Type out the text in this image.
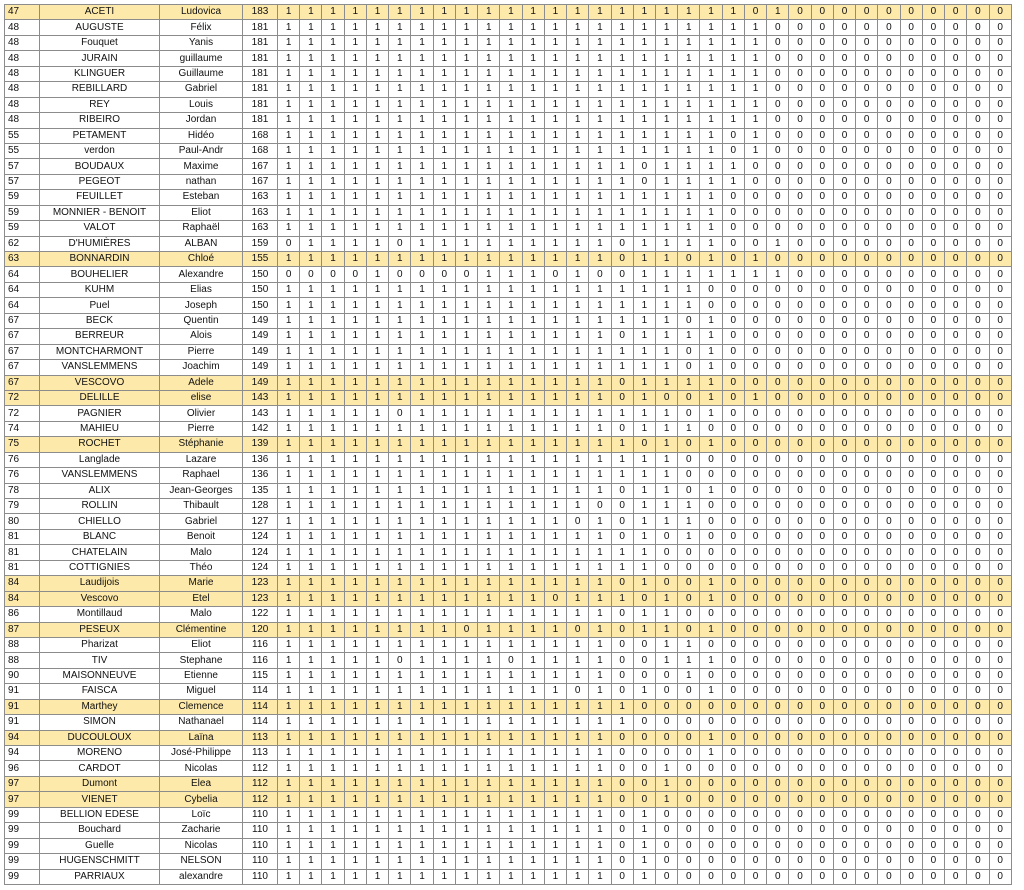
47	ACETI	Ludovica	183	1	1	1	1	1	1	1	1	1	1	1	1	1	1	1	1	1	1	1	1	1	0	1	0	0	0	0	0	0	0	0	0	0
48	AUGUSTE	Félix	181	1	1	1	1	1	1	1	1	1	1	1	1	1	1	1	1	1	1	1	1	1	1	0	0	0	0	0	0	0	0	0	0	0
48	Fouquet	Yanis	181	1	1	1	1	1	1	1	1	1	1	1	1	1	1	1	1	1	1	1	1	1	1	0	0	0	0	0	0	0	0	0	0	0
48	JURAIN	guillaume	181	1	1	1	1	1	1	1	1	1	1	1	1	1	1	1	1	1	1	1	1	1	1	0	0	0	0	0	0	0	0	0	0	0
48	KLINGUER	Guillaume	181	1	1	1	1	1	1	1	1	1	1	1	1	1	1	1	1	1	1	1	1	1	1	0	0	0	0	0	0	0	0	0	0	0
48	REBILLARD	Gabriel	181	1	1	1	1	1	1	1	1	1	1	1	1	1	1	1	1	1	1	1	1	1	1	0	0	0	0	0	0	0	0	0	0	0
48	REY	Louis	181	1	1	1	1	1	1	1	1	1	1	1	1	1	1	1	1	1	1	1	1	1	1	0	0	0	0	0	0	0	0	0	0	0
48	RIBEIRO	Jordan	181	1	1	1	1	1	1	1	1	1	1	1	1	1	1	1	1	1	1	1	1	1	1	0	0	0	0	0	0	0	0	0	0	0
55	PETAMENT	Hidéo	168	1	1	1	1	1	1	1	1	1	1	1	1	1	1	1	1	1	1	1	1	0	1	0	0	0	0	0	0	0	0	0	0	0
55	verdon	Paul-Andr	168	1	1	1	1	1	1	1	1	1	1	1	1	1	1	1	1	1	1	1	1	0	1	0	0	0	0	0	0	0	0	0	0	0
57	BOUDAUX	Maxime	167	1	1	1	1	1	1	1	1	1	1	1	1	1	1	1	1	0	1	1	1	1	0	0	0	0	0	0	0	0	0	0	0	0
57	PEGEOT	nathan	167	1	1	1	1	1	1	1	1	1	1	1	1	1	1	1	1	0	1	1	1	1	0	0	0	0	0	0	0	0	0	0	0	0
59	FEUILLET	Esteban	163	1	1	1	1	1	1	1	1	1	1	1	1	1	1	1	1	1	1	1	1	0	0	0	0	0	0	0	0	0	0	0	0	0
59	MONNIER - BENOIT	Eliot	163	1	1	1	1	1	1	1	1	1	1	1	1	1	1	1	1	1	1	1	1	0	0	0	0	0	0	0	0	0	0	0	0	0
59	VALOT	Raphaël	163	1	1	1	1	1	1	1	1	1	1	1	1	1	1	1	1	1	1	1	1	0	0	0	0	0	0	0	0	0	0	0	0	0
62	D'HUMIÈRES	ALBAN	159	0	1	1	1	1	0	1	1	1	1	1	1	1	1	1	0	1	1	1	1	0	0	1	0	0	0	0	0	0	0	0	0	0
63	BONNARDIN	Chloé	155	1	1	1	1	1	1	1	1	1	1	1	1	1	1	1	0	1	1	0	1	0	1	0	0	0	0	0	0	0	0	0	0	0
64	BOUHELIER	Alexandre	150	0	0	0	0	1	0	0	0	0	1	1	1	0	1	0	0	1	1	1	1	1	1	1	0	0	0	0	0	0	0	0	0	0
64	KUHM	Elias	150	1	1	1	1	1	1	1	1	1	1	1	1	1	1	1	1	1	1	1	0	0	0	0	0	0	0	0	0	0	0	0	0	0
64	Puel	Joseph	150	1	1	1	1	1	1	1	1	1	1	1	1	1	1	1	1	1	1	1	0	0	0	0	0	0	0	0	0	0	0	0	0	0
67	BECK	Quentin	149	1	1	1	1	1	1	1	1	1	1	1	1	1	1	1	1	1	1	0	1	0	0	0	0	0	0	0	0	0	0	0	0	0
67	BERREUR	Alois	149	1	1	1	1	1	1	1	1	1	1	1	1	1	1	1	0	1	1	1	1	0	0	0	0	0	0	0	0	0	0	0	0	0
67	MONTCHARMONT	Pierre	149	1	1	1	1	1	1	1	1	1	1	1	1	1	1	1	1	1	1	0	1	0	0	0	0	0	0	0	0	0	0	0	0	0
67	VANSLEMMENS	Joachim	149	1	1	1	1	1	1	1	1	1	1	1	1	1	1	1	1	1	1	0	1	0	0	0	0	0	0	0	0	0	0	0	0	0
67	VESCOVO	Adele	149	1	1	1	1	1	1	1	1	1	1	1	1	1	1	1	0	1	1	1	1	0	0	0	0	0	0	0	0	0	0	0	0	0
72	DELILLE	elise	143	1	1	1	1	1	1	1	1	1	1	1	1	1	1	1	0	1	0	0	1	0	1	0	0	0	0	0	0	0	0	0	0	0
72	PAGNIER	Olivier	143	1	1	1	1	1	0	1	1	1	1	1	1	1	1	1	1	1	1	0	1	0	0	0	0	0	0	0	0	0	0	0	0	0
74	MAHIEU	Pierre	142	1	1	1	1	1	1	1	1	1	1	1	1	1	1	1	0	1	1	1	0	0	0	0	0	0	0	0	0	0	0	0	0	0
75	ROCHET	Stéphanie	139	1	1	1	1	1	1	1	1	1	1	1	1	1	1	1	1	0	1	0	1	0	0	0	0	0	0	0	0	0	0	0	0	0
76	Langlade	Lazare	136	1	1	1	1	1	1	1	1	1	1	1	1	1	1	1	1	1	1	0	0	0	0	0	0	0	0	0	0	0	0	0	0	0
76	VANSLEMMENS	Raphael	136	1	1	1	1	1	1	1	1	1	1	1	1	1	1	1	1	1	1	0	0	0	0	0	0	0	0	0	0	0	0	0	0	0
78	ALIX	Jean-Georges	135	1	1	1	1	1	1	1	1	1	1	1	1	1	1	1	0	1	1	0	1	0	0	0	0	0	0	0	0	0	0	0	0	0
79	ROLLIN	Thibault	128	1	1	1	1	1	1	1	1	1	1	1	1	1	1	0	0	1	1	1	0	0	0	0	0	0	0	0	0	0	0	0	0	0
80	CHIELLO	Gabriel	127	1	1	1	1	1	1	1	1	1	1	1	1	1	0	1	0	1	1	1	0	0	0	0	0	0	0	0	0	0	0	0	0	0
81	BLANC	Benoit	124	1	1	1	1	1	1	1	1	1	1	1	1	1	1	1	0	1	0	1	0	0	0	0	0	0	0	0	0	0	0	0	0	0
81	CHATELAIN	Malo	124	1	1	1	1	1	1	1	1	1	1	1	1	1	1	1	1	1	0	0	0	0	0	0	0	0	0	0	0	0	0	0	0	0
81	COTTIGNIES	Théo	124	1	1	1	1	1	1	1	1	1	1	1	1	1	1	1	1	1	0	0	0	0	0	0	0	0	0	0	0	0	0	0	0	0
84	Laudijois	Marie	123	1	1	1	1	1	1	1	1	1	1	1	1	1	1	1	0	1	0	0	1	0	0	0	0	0	0	0	0	0	0	0	0	0
84	Vescovo	Etel	123	1	1	1	1	1	1	1	1	1	1	1	1	0	1	1	1	0	1	0	1	0	0	0	0	0	0	0	0	0	0	0	0	0
86	Montillaud	Malo	122	1	1	1	1	1	1	1	1	1	1	1	1	1	1	1	0	1	1	0	0	0	0	0	0	0	0	0	0	0	0	0	0	0
87	PESEUX	Clémentine	120	1	1	1	1	1	1	1	1	0	1	1	1	1	0	1	0	1	1	0	1	0	0	0	0	0	0	0	0	0	0	0	0	0
88	Pharizat	Eliot	116	1	1	1	1	1	1	1	1	1	1	1	1	1	1	1	0	0	1	1	0	0	0	0	0	0	0	0	0	0	0	0	0	0
88	TIV	Stephane	116	1	1	1	1	1	0	1	1	1	1	0	1	1	1	1	0	0	1	1	1	0	0	0	0	0	0	0	0	0	0	0	0	0
90	MAISONNEUVE	Etienne	115	1	1	1	1	1	1	1	1	1	1	1	1	1	1	1	0	0	0	1	0	0	0	0	0	0	0	0	0	0	0	0	0	0
91	FAISCA	Miguel	114	1	1	1	1	1	1	1	1	1	1	1	1	1	0	1	0	1	0	0	1	0	0	0	0	0	0	0	0	0	0	0	0	0
91	Marthey	Clemence	114	1	1	1	1	1	1	1	1	1	1	1	1	1	1	1	1	0	0	0	0	0	0	0	0	0	0	0	0	0	0	0	0	0
91	SIMON	Nathanael	114	1	1	1	1	1	1	1	1	1	1	1	1	1	1	1	1	0	0	0	0	0	0	0	0	0	0	0	0	0	0	0	0	0
94	DUCOULOUX	Laïna	113	1	1	1	1	1	1	1	1	1	1	1	1	1	1	1	0	0	0	0	1	0	0	0	0	0	0	0	0	0	0	0	0	0
94	MORENO	José-Philippe	113	1	1	1	1	1	1	1	1	1	1	1	1	1	1	1	0	0	0	0	1	0	0	0	0	0	0	0	0	0	0	0	0	0
96	CARDOT	Nicolas	112	1	1	1	1	1	1	1	1	1	1	1	1	1	1	1	0	0	1	0	0	0	0	0	0	0	0	0	0	0	0	0	0	0
97	Dumont	Elea	112	1	1	1	1	1	1	1	1	1	1	1	1	1	1	1	0	0	1	0	0	0	0	0	0	0	0	0	0	0	0	0	0	0
97	VIENET	Cybelia	112	1	1	1	1	1	1	1	1	1	1	1	1	1	1	1	0	0	1	0	0	0	0	0	0	0	0	0	0	0	0	0	0	0
99	BELLION EDESE	Loïc	110	1	1	1	1	1	1	1	1	1	1	1	1	1	1	1	0	1	0	0	0	0	0	0	0	0	0	0	0	0	0	0	0	0
99	Bouchard	Zacharie	110	1	1	1	1	1	1	1	1	1	1	1	1	1	1	1	0	1	0	0	0	0	0	0	0	0	0	0	0	0	0	0	0	0
99	Guelle	Nicolas	110	1	1	1	1	1	1	1	1	1	1	1	1	1	1	1	0	1	0	0	0	0	0	0	0	0	0	0	0	0	0	0	0	0
99	HUGENSCHMITT	NELSON	110	1	1	1	1	1	1	1	1	1	1	1	1	1	1	1	0	1	0	0	0	0	0	0	0	0	0	0	0	0	0	0	0	0
99	PARRIAUX	alexandre	110	1	1	1	1	1	1	1	1	1	1	1	1	1	1	1	0	1	0	0	0	0	0	0	0	0	0	0	0	0	0	0	0	0
